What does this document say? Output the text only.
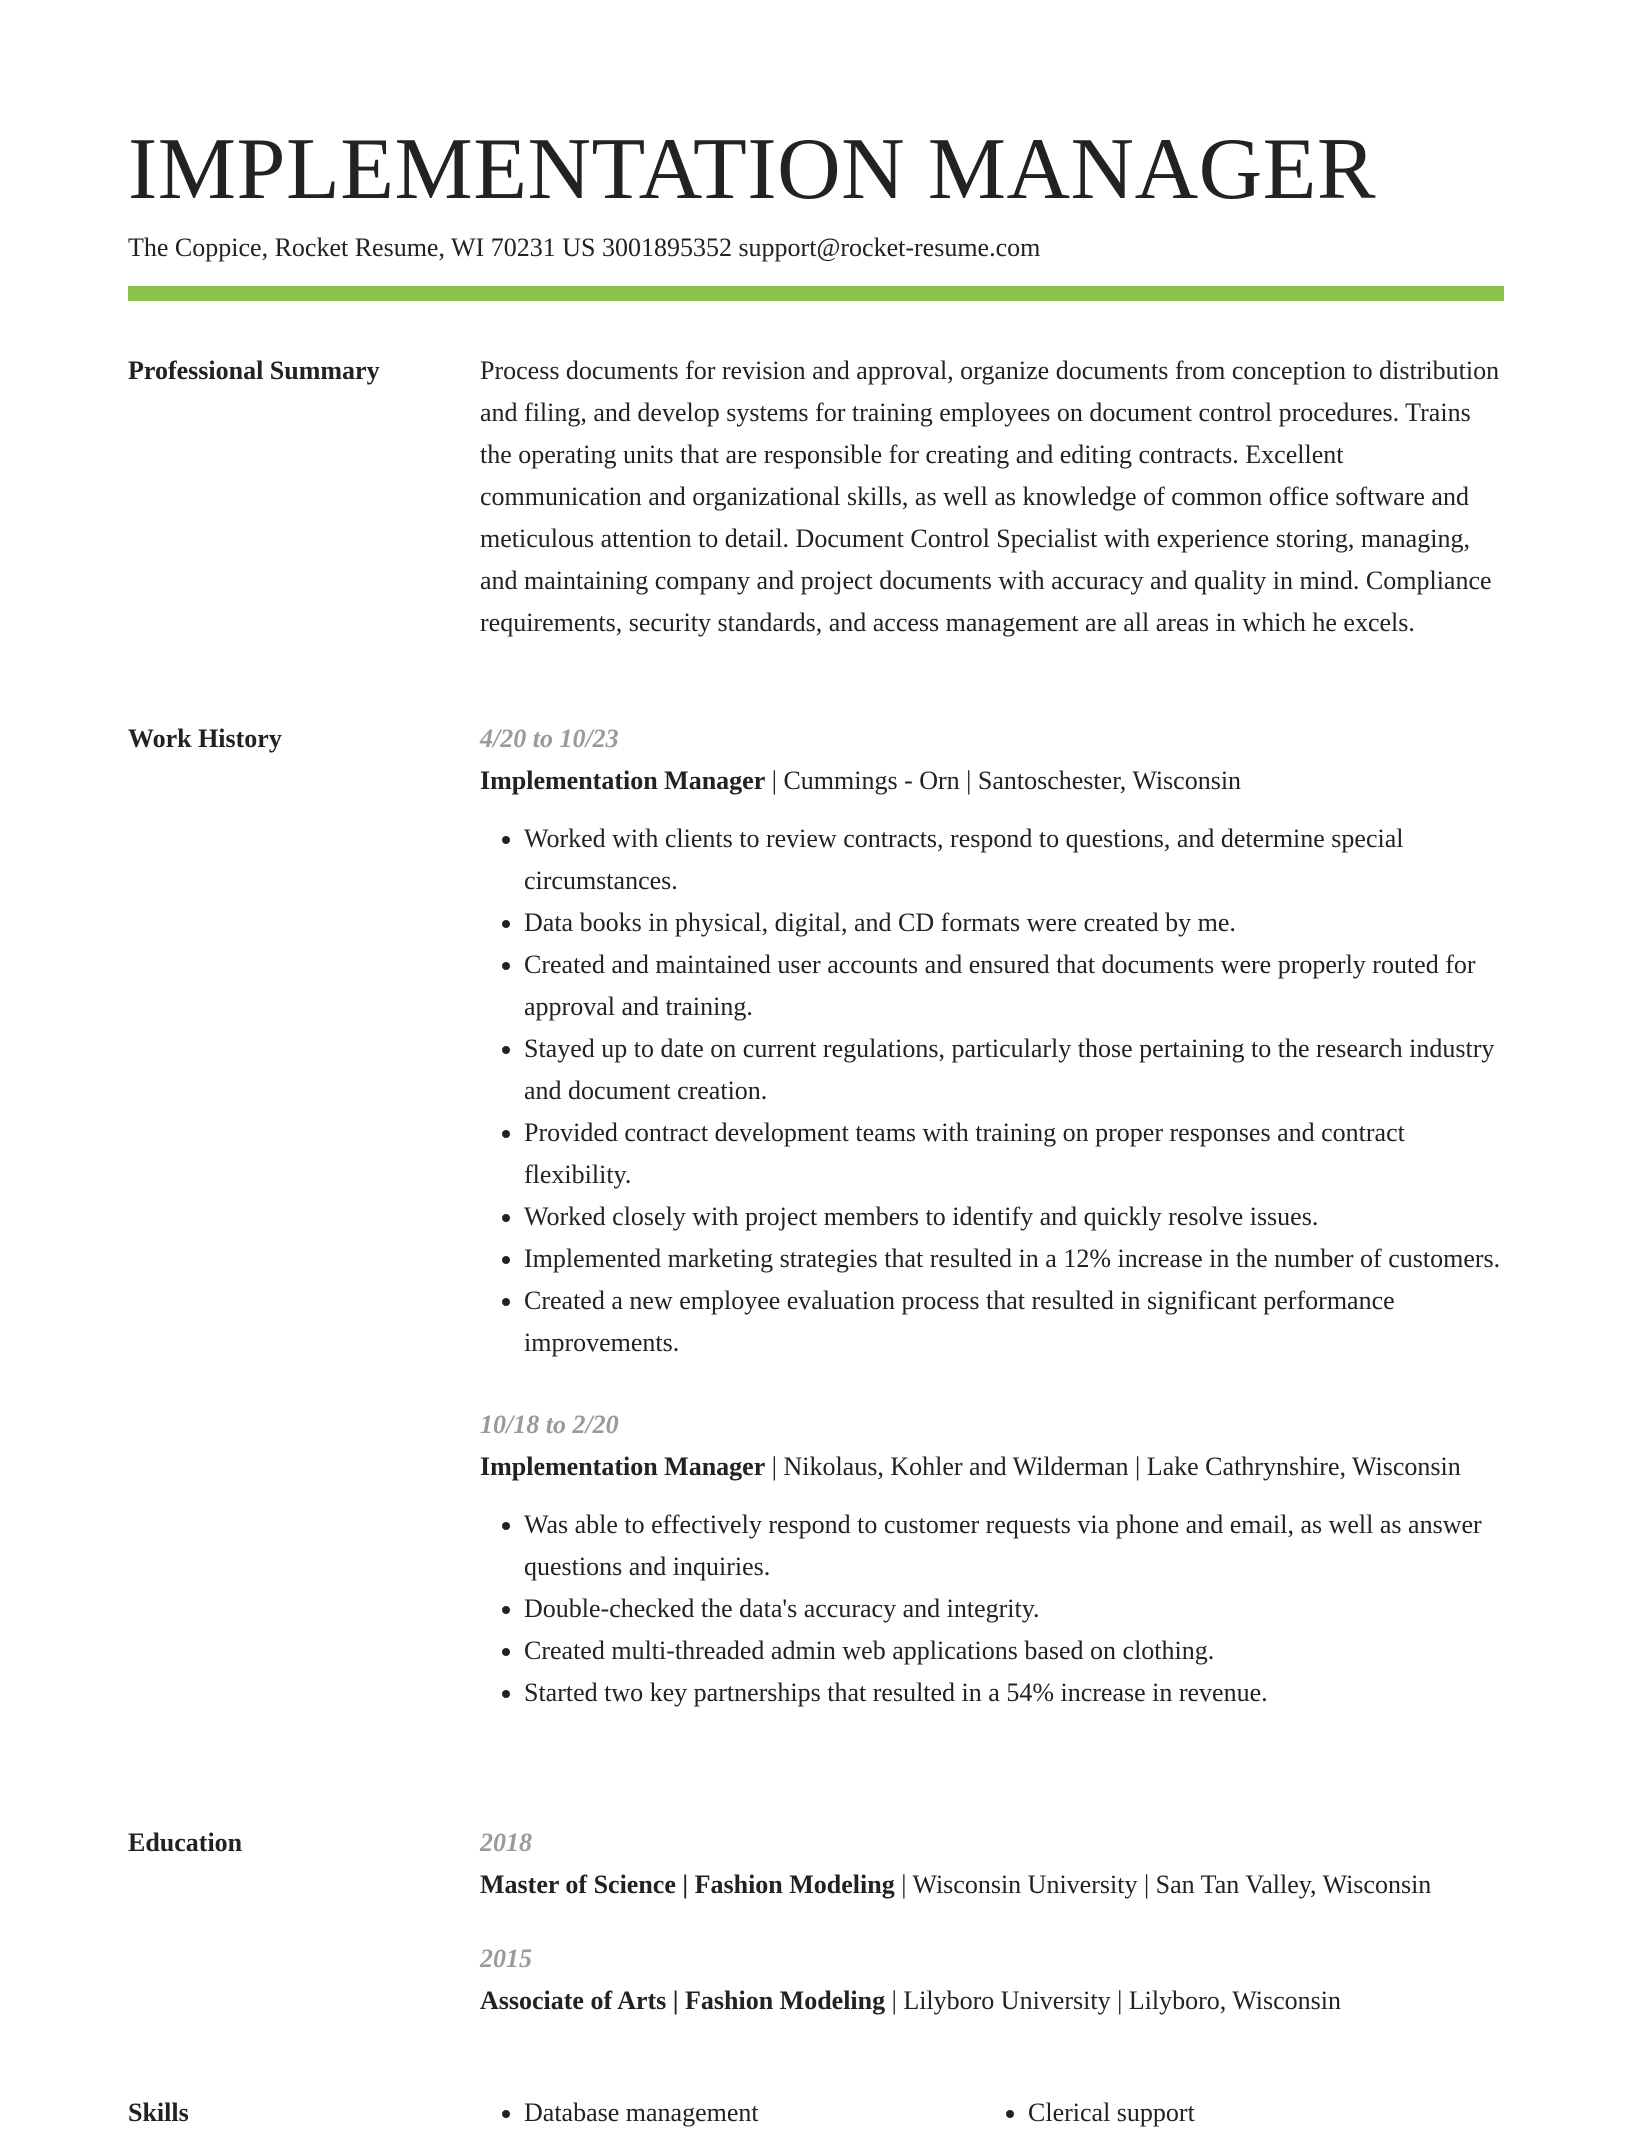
IMPLEMENTATION MANAGER
The Coppice, Rocket Resume, WI 70231 US 3001895352 support@rocket-resume.com
Professional Summary	Process documents for revision and approval, organize documents from conception to distribution and filing, and develop systems for training employees on document control procedures. Trains the operating units that are responsible for creating and editing contracts. Excellent communication and organizational skills, as well as knowledge of common office software and meticulous attention to detail. Document Control Specialist with experience storing, managing, and maintaining company and project documents with accuracy and quality in mind. Compliance requirements, security standards, and access management are all areas in which he excels.

Work History	4/20 to 10/23
Implementation Manager | Cummings - Orn | Santoschester, Wisconsin
• Worked with clients to review contracts, respond to questions, and determine special circumstances.
• Data books in physical, digital, and CD formats were created by me.
• Created and maintained user accounts and ensured that documents were properly routed for approval and training.
• Stayed up to date on current regulations, particularly those pertaining to the research industry and document creation.
• Provided contract development teams with training on proper responses and contract flexibility.
• Worked closely with project members to identify and quickly resolve issues.
• Implemented marketing strategies that resulted in a 12% increase in the number of customers.
• Created a new employee evaluation process that resulted in significant performance improvements.
10/18 to 2/20
Implementation Manager | Nikolaus, Kohler and Wilderman | Lake Cathrynshire, Wisconsin
• Was able to effectively respond to customer requests via phone and email, as well as answer questions and inquiries.
• Double-checked the data's accuracy and integrity.
• Created multi-threaded admin web applications based on clothing.
• Started two key partnerships that resulted in a 54% increase in revenue.
Education	2018
Master of Science | Fashion Modeling | Wisconsin University | San Tan Valley, Wisconsin
2015
Associate of Arts | Fashion Modeling | Lilyboro University | Lilyboro, Wisconsin
Skills	• Database management	• Clerical support
